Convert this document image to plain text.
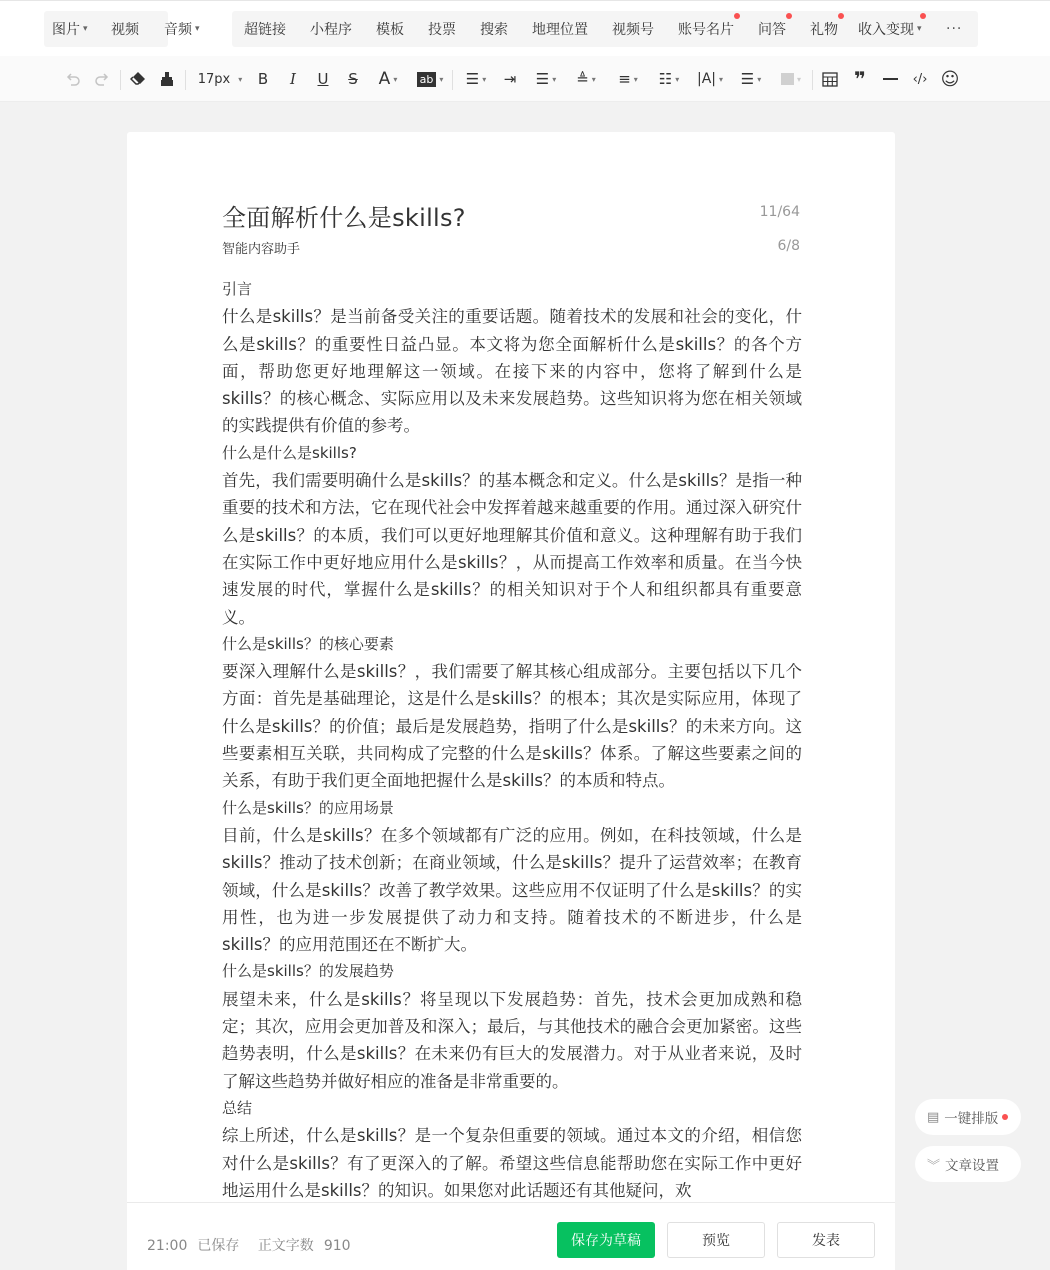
图片 ▾ 视频 音频 ▾	超链接 小程序 模板 投票 搜索 地理位置 视频号 账号名片 问答 礼物 收入变现 ▾ ···
17px ▾ B I U S A ▾ ab ▾ ☰ ▾ ⇥ ☰ ▾ ≜ ▾ ≡ ▾ ☷ ▾ |A| ▾ ☰ ▾	▾	❞	‹/› ☺
全面解析什么是skills?	11/64
智能内容助手	6/8
引言
什么是skills？是当前备受关注的重要话题。随着技术的发展和社会的变化，什么是skills？的重要性日益凸显。本文将为您全面解析什么是skills？的各个方面，帮助您更好地理解这一领域。在接下来的内容中，您将了解到什么是skills？的核心概念、实际应用以及未来发展趋势。这些知识将为您在相关领域的实践提供有价值的参考。
什么是什么是skills?
首先，我们需要明确什么是skills？的基本概念和定义。什么是skills？是指一种重要的技术和方法，它在现代社会中发挥着越来越重要的作用。通过深入研究什么是skills？的本质，我们可以更好地理解其价值和意义。这种理解有助于我们在实际工作中更好地应用什么是skills？，从而提高工作效率和质量。在当今快速发展的时代，掌握什么是skills？的相关知识对于个人和组织都具有重要意义。
什么是skills？的核心要素
要深入理解什么是skills？，我们需要了解其核心组成部分。主要包括以下几个方面：首先是基础理论，这是什么是skills？的根本；其次是实际应用，体现了什么是skills？的价值；最后是发展趋势，指明了什么是skills？的未来方向。这些要素相互关联，共同构成了完整的什么是skills？体系。了解这些要素之间的关系，有助于我们更全面地把握什么是skills？的本质和特点。
什么是skills？的应用场景
目前，什么是skills？在多个领域都有广泛的应用。例如，在科技领域，什么是skills？推动了技术创新；在商业领域，什么是skills？提升了运营效率；在教育领域，什么是skills？改善了教学效果。这些应用不仅证明了什么是skills？的实用性，也为进一步发展提供了动力和支持。随着技术的不断进步，什么是skills？的应用范围还在不断扩大。
什么是skills？的发展趋势
展望未来，什么是skills？将呈现以下发展趋势：首先，技术会更加成熟和稳定；其次，应用会更加普及和深入；最后，与其他技术的融合会更加紧密。这些趋势表明，什么是skills？在未来仍有巨大的发展潜力。对于从业者来说，及时了解这些趋势并做好相应的准备是非常重要的。
总结
综上所述，什么是skills？是一个复杂但重要的领域。通过本文的介绍，相信您对什么是skills？有了更深入的了解。希望这些信息能帮助您在实际工作中更好地运用什么是skills？的知识。如果您对此话题还有其他疑问，欢
▤ 一键排版
︾ 文章设置
21:00 已保存 正文字数 910	保存为草稿	预览	发表
